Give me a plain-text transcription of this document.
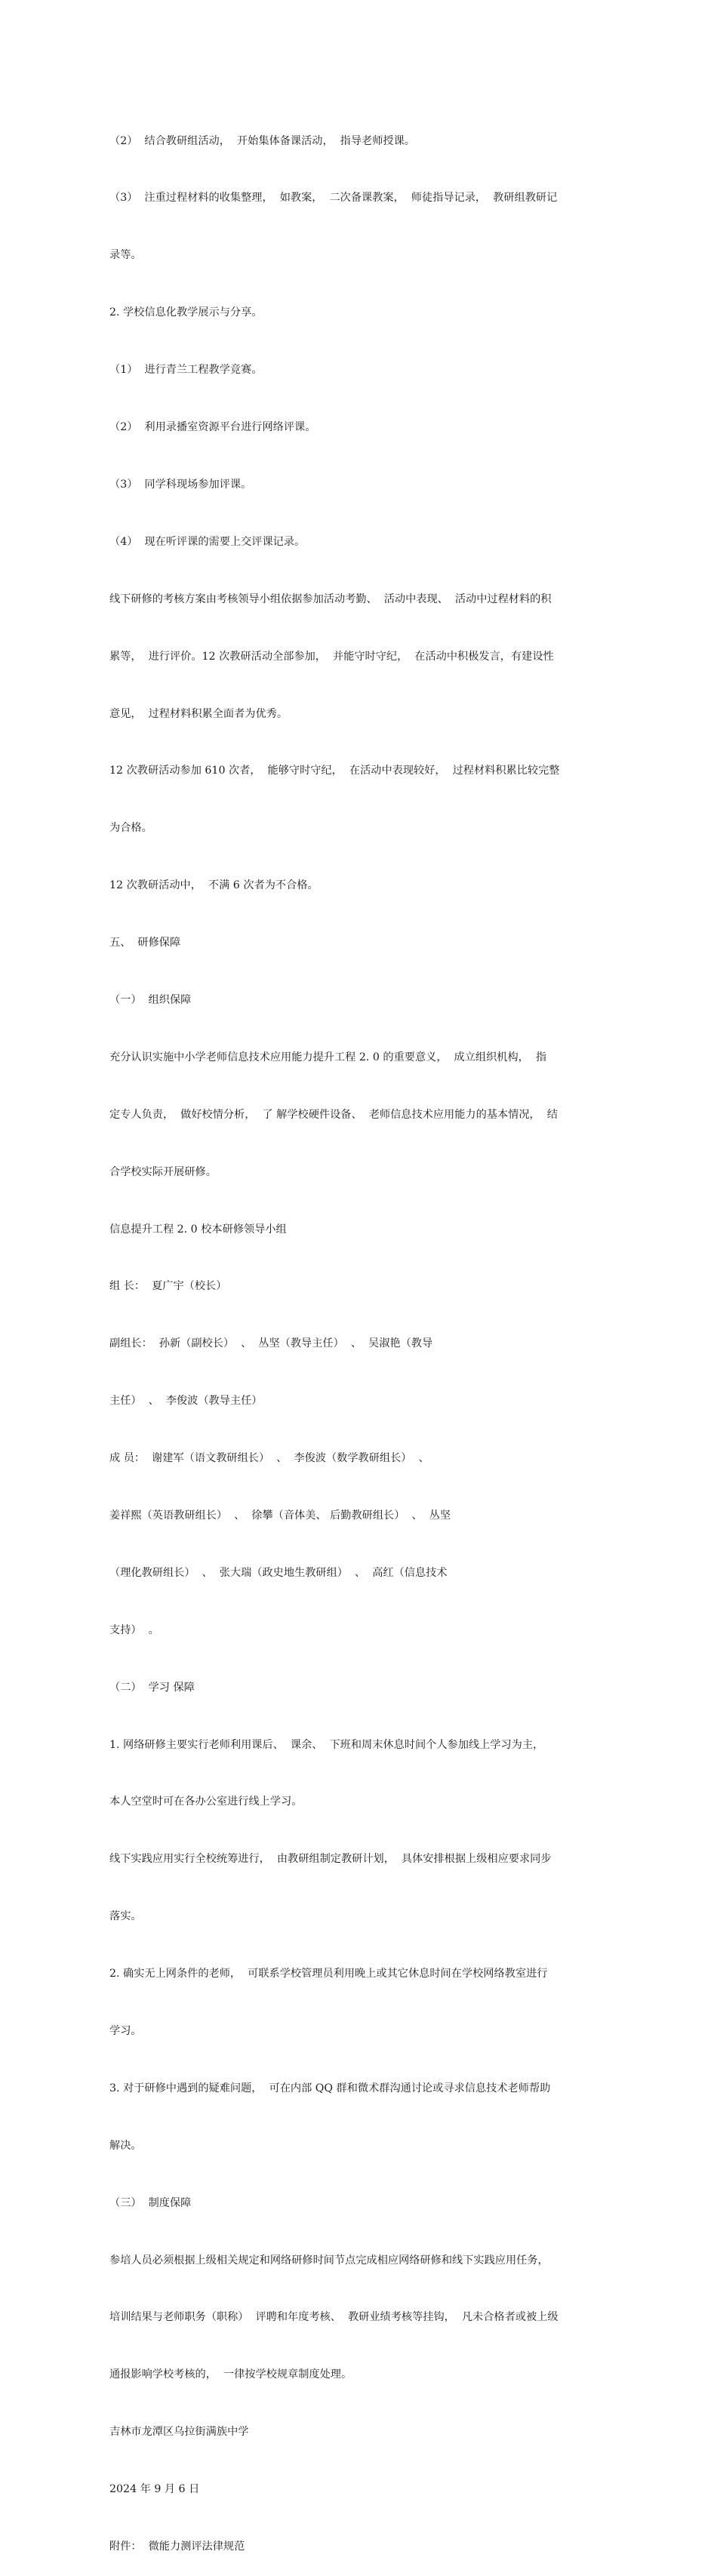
（2）  结合教研组活动，  开始集体备课活动，  指导老师授课。

（3）  注重过程材料的收集整理，  如教案，  二次备课教案，  师徒指导记录，  教研组教研记

录等。

2. 学校信息化教学展示与分享。

（1）  进行青兰工程教学竞赛。

（2）  利用录播室资源平台进行网络评课。

（3）  同学科现场参加评课。

（4）  现在听评课的需要上交评课记录。

线下研修的考核方案由考核领导小组依据参加活动考勤、  活动中表现、  活动中过程材料的积

累等，  进行评价。12 次教研活动全部参加，  并能守时守纪，  在活动中积极发言，有建设性

意见，  过程材料积累全面者为优秀。

12 次教研活动参加 610 次者，  能够守时守纪，  在活动中表现较好，  过程材料积累比较完整

为合格。

12 次教研活动中，  不满 6 次者为不合格。

五、  研修保障

（一）  组织保障

充分认识实施中小学老师信息技术应用能力提升工程 2. 0 的重要意义，  成立组织机构，  指

定专人负责，  做好校情分析，  了 解学校硬件设备、  老师信息技术应用能力的基本情况，  结

合学校实际开展研修。

信息提升工程 2. 0 校本研修领导小组

组 长：  夏广宇（校长）

副组长：  孙新（副校长）  、  丛坚（教导主任）  、  吴淑艳（教导

主任）  、  李俊波（教导主任）

成 员：  谢建军（语文教研组长）  、  李俊波（数学教研组长）  、

姜祥熙（英语教研组长）  、  徐攀（音体美、 后勤教研组长）  、  丛坚

（理化教研组长）  、  张大瑞（政史地生教研组）  、  高红（信息技术

支持）  。

（二）  学习 保障

1. 网络研修主要实行老师利用课后、  课余、  下班和周末休息时间个人参加线上学习为主，

本人空堂时可在各办公室进行线上学习。

线下实践应用实行全校统筹进行，  由教研组制定教研计划，  具体安排根据上级相应要求同步

落实。

2. 确实无上网条件的老师，  可联系学校管理员利用晚上或其它休息时间在学校网络教室进行

学习。

3. 对于研修中遇到的疑难问题，  可在内部 QQ 群和微术群沟通讨论或寻求信息技术老师帮助

解决。

（三）  制度保障

参培人员必须根据上级相关规定和网络研修时间节点完成相应网络研修和线下实践应用任务，

培训结果与老师职务（职称）  评聘和年度考核、  教研业绩考核等挂钩，  凡未合格者或被上级

通报影响学校考核的，  一律按学校规章制度处理。

吉林市龙潭区乌拉街满族中学

2024 年 9 月 6 日

附件：  微能力测评法律规范
